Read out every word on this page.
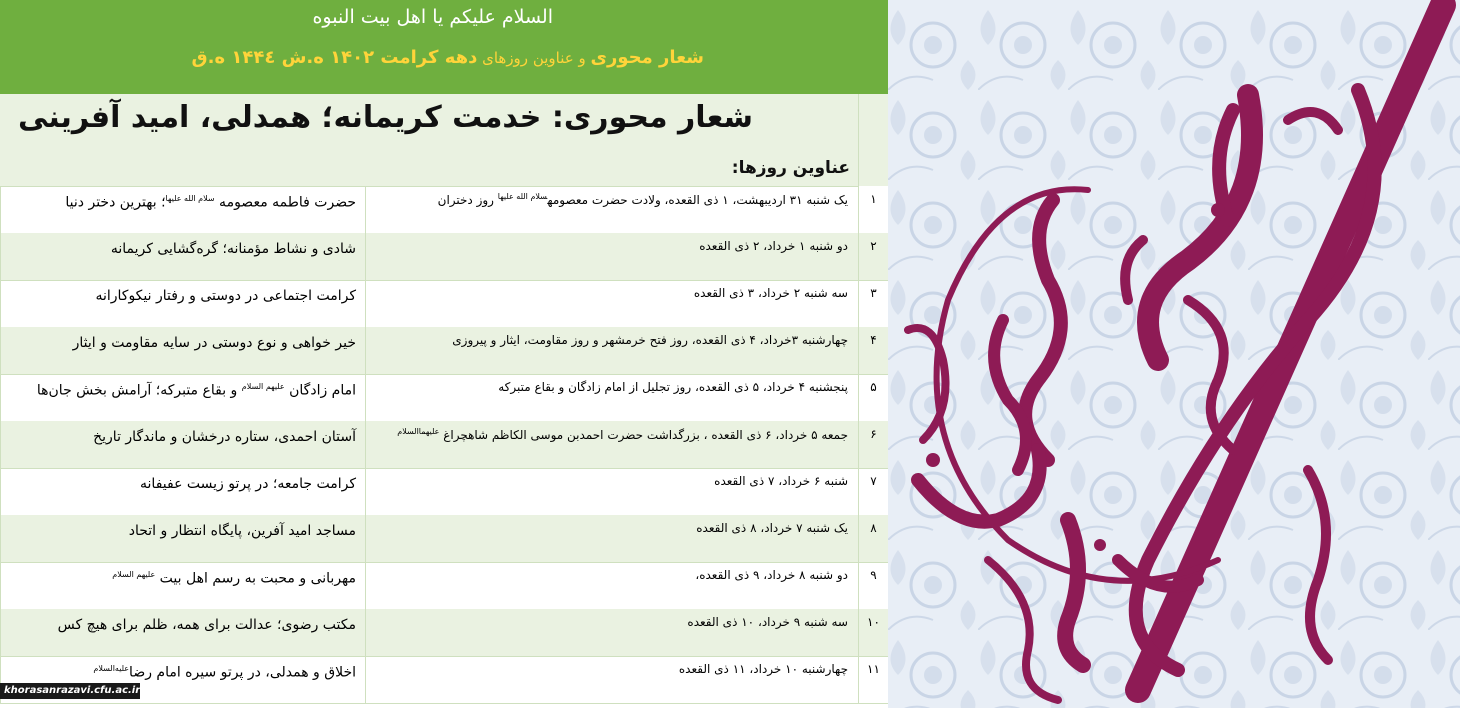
السلام علیکم یا اهل بیت النبوه
شعار محوری و عناوین روزهای دهه کرامت ۱۴۰۲ ه.ش ۱۴۴٤ ه.ق
شعار محوری: خدمت کریمانه؛ همدلی، امید آفرینی
عناوین روزها:
حضرت فاطمه معصومه $^{سلام الله علیها}$؛ بهترین دختر دنیا	یک شنبه ۳۱ اردیبهشت، ۱ ذی القعده، ولادت حضرت معصومه$^{سلام الله علیها}$ روز دختران	۱
شادی و نشاط مؤمنانه؛ گره‌گشایی کریمانه	دو شنبه ۱ خرداد، ۲ ذی القعده	۲
کرامت اجتماعی در دوستی و رفتار نیکوکارانه	سه شنبه ۲ خرداد، ۳ ذی القعده	۳
خیر خواهی و نوع دوستی در سایه مقاومت و ایثار	چهارشنبه ۳خرداد، ۴ ذی القعده، روز فتح خرمشهر و روز مقاومت، ایثار و پیروزی	۴
امام زادگان $^{علیهم السلام}$ و بقاع متبرکه؛ آرامش بخش جان‌ها	پنجشنبه ۴ خرداد، ۵ ذی القعده، روز تجلیل از امام زادگان و بقاع متبرکه	۵
آستان احمدی، ستاره درخشان و ماندگار تاریخ	جمعه ۵ خرداد، ۶ ذی القعده ، بزرگداشت حضرت احمدبن موسی الکاظم شاهچراغ $^{علیهماالسلام}$	۶
کرامت جامعه؛ در پرتو زیست عفیفانه	شنبه ۶ خرداد، ۷ ذی القعده	۷
مساجد امید آفرین، پایگاه انتظار و اتحاد	یک شنبه ۷ خرداد، ۸ ذی القعده	۸
مهربانی و محبت به رسم اهل بیت $^{علیهم السلام}$	دو شنبه ۸ خرداد، ۹ ذی القعده،	۹
مکتب رضوی؛ عدالت برای همه، ظلم برای هیچ کس	سه شنبه ۹ خرداد، ۱۰ ذی القعده	۱۰
اخلاق و همدلی، در پرتو سیره امام رضا$^{علیه‌السلام}$	چهارشنبه ۱۰ خرداد، ۱۱ ذی القعده	۱۱
khorasanrazavi.cfu.ac.ir
